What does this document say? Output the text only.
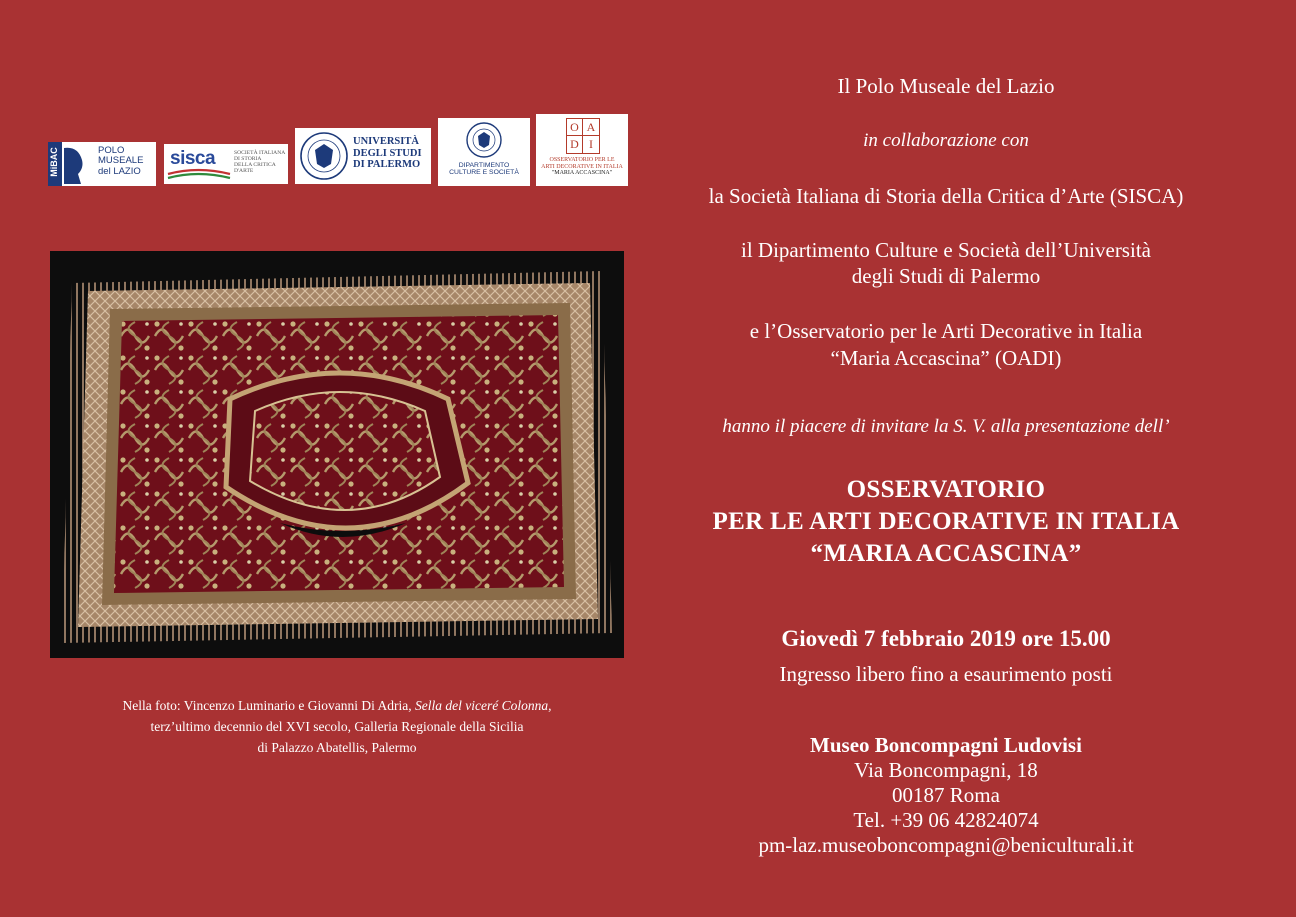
MiBAC	POLO
MUSEALE
del LAZIO
sisca	SOCIETÀ ITALIANA
DI STORIA
DELLA CRITICA
D'ARTE
UNIVERSITÀ
DEGLI STUDI
DI PALERMO	DIPARTIMENTO
CULTURE E SOCIETÀ
O A
D I
OSSERVATORIO PER LE
ARTI DECORATIVE IN ITALIA
"MARIA ACCASCINA"
Nella foto: Vincenzo Luminario e Giovanni Di Adria, Sella del viceré Colonna,
terz’ultimo decennio del XVI secolo, Galleria Regionale della Sicilia
di Palazzo Abatellis, Palermo
Il Polo Museale del Lazio
in collaborazione con
la Società Italiana di Storia della Critica d’Arte (SISCA)
il Dipartimento Culture e Società dell’Università
degli Studi di Palermo
e l’Osservatorio per le Arti Decorative in Italia
“Maria Accascina” (OADI)
hanno il piacere di invitare la S. V. alla presentazione dell’
OSSERVATORIO
PER LE ARTI DECORATIVE IN ITALIA
“MARIA ACCASCINA”
Giovedì 7 febbraio 2019 ore 15.00
Ingresso libero fino a esaurimento posti
Museo Boncompagni Ludovisi
Via Boncompagni, 18
00187 Roma
Tel. +39 06 42824074
pm-laz.museoboncompagni@beniculturali.it
